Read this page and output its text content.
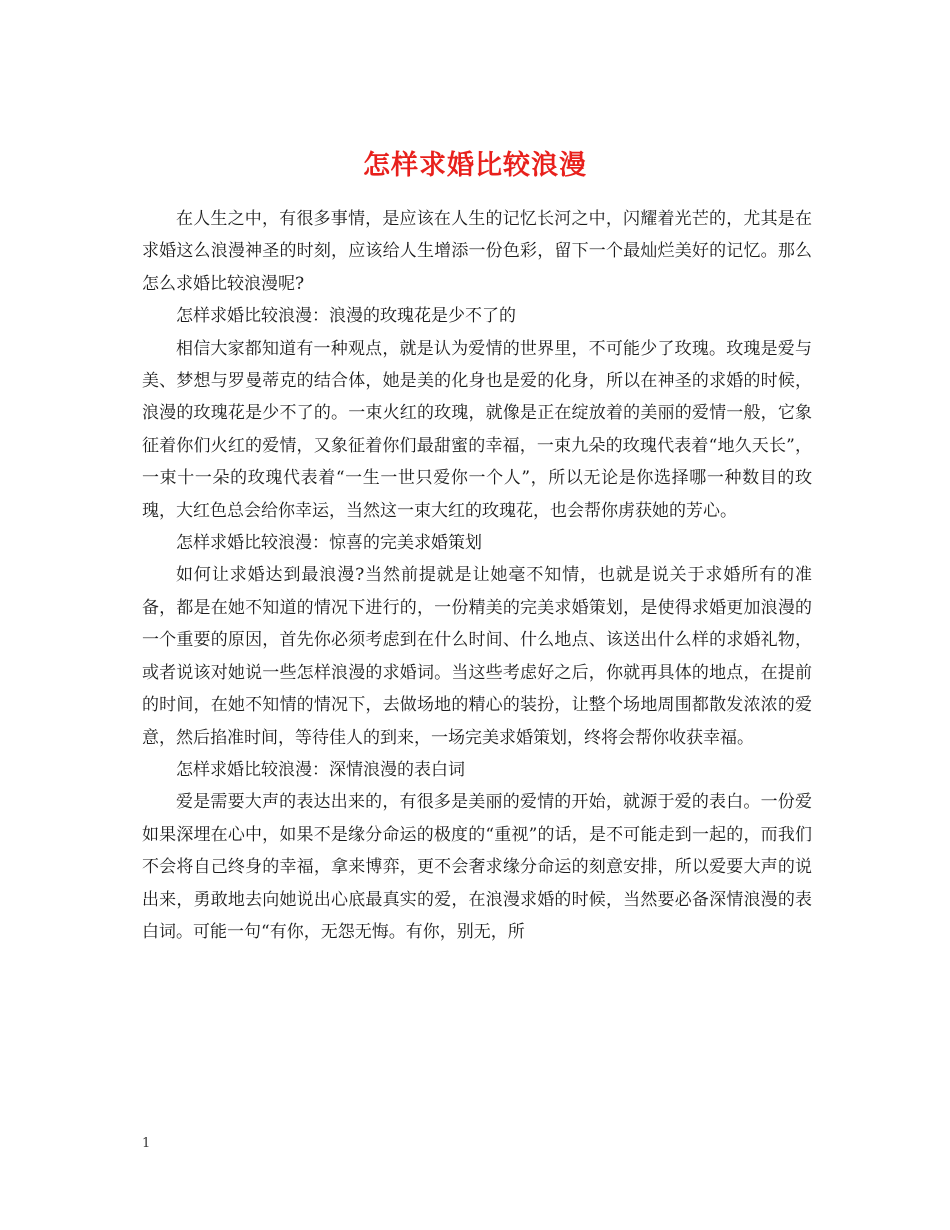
怎样求婚比较浪漫

在人生之中，有很多事情，是应该在人生的记忆长河之中，闪耀着光芒的，尤其是在求婚这么浪漫神圣的时刻，应该给人生增添一份色彩，留下一个最灿烂美好的记忆。那么怎么求婚比较浪漫呢?

怎样求婚比较浪漫：浪漫的玫瑰花是少不了的

相信大家都知道有一种观点，就是认为爱情的世界里，不可能少了玫瑰。玫瑰是爱与美、梦想与罗曼蒂克的结合体，她是美的化身也是爱的化身，所以在神圣的求婚的时候，浪漫的玫瑰花是少不了的。一束火红的玫瑰，就像是正在绽放着的美丽的爱情一般，它象征着你们火红的爱情，又象征着你们最甜蜜的幸福，一束九朵的玫瑰代表着“地久天长”，一束十一朵的玫瑰代表着“一生一世只爱你一个人”，所以无论是你选择哪一种数目的玫瑰，大红色总会给你幸运，当然这一束大红的玫瑰花，也会帮你虏获她的芳心。

怎样求婚比较浪漫：惊喜的完美求婚策划

如何让求婚达到最浪漫?当然前提就是让她毫不知情，也就是说关于求婚所有的准备，都是在她不知道的情况下进行的，一份精美的完美求婚策划，是使得求婚更加浪漫的一个重要的原因，首先你必须考虑到在什么时间、什么地点、该送出什么样的求婚礼物，或者说该对她说一些怎样浪漫的求婚词。当这些考虑好之后，你就再具体的地点，在提前的时间，在她不知情的情况下，去做场地的精心的装扮，让整个场地周围都散发浓浓的爱意，然后掐准时间，等待佳人的到来，一场完美求婚策划，终将会帮你收获幸福。

怎样求婚比较浪漫：深情浪漫的表白词

爱是需要大声的表达出来的，有很多是美丽的爱情的开始，就源于爱的表白。一份爱如果深埋在心中，如果不是缘分命运的极度的“重视”的话，是不可能走到一起的，而我们不会将自己终身的幸福，拿来博弈，更不会奢求缘分命运的刻意安排，所以爱要大声的说出来，勇敢地去向她说出心底最真实的爱，在浪漫求婚的时候，当然要必备深情浪漫的表白词。可能一句“有你，无怨无悔。有你，别无，所

1
